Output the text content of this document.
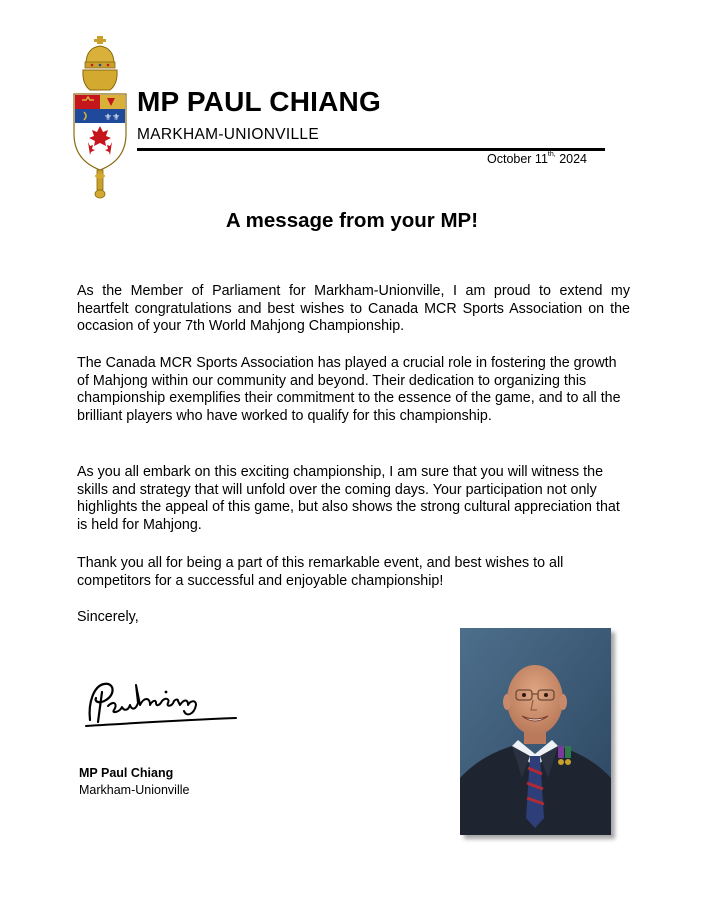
⚜⚜
MP PAUL CHIANG
MARKHAM-UNIONVILLE
October $11^{th,}$ 2024
A message from your MP!

As the Member of Parliament for Markham-Unionville, I am proud to extend my heartfelt congratulations and best wishes to Canada MCR Sports Association on the occasion of your 7th World Mahjong Championship.

The Canada MCR Sports Association has played a crucial role in fostering the growth of Mahjong within our community and beyond. Their dedication to organizing this championship exemplifies their commitment to the essence of the game, and to all the brilliant players who have worked to qualify for this championship.

As you all embark on this exciting championship, I am sure that you will witness the skills and strategy that will unfold over the coming days. Your participation not only highlights the appeal of this game, but also shows the strong cultural appreciation that is held for Mahjong.

Thank you all for being a part of this remarkable event, and best wishes to all competitors for a successful and enjoyable championship!

Sincerely,
MP Paul Chiang
Markham-Unionville
